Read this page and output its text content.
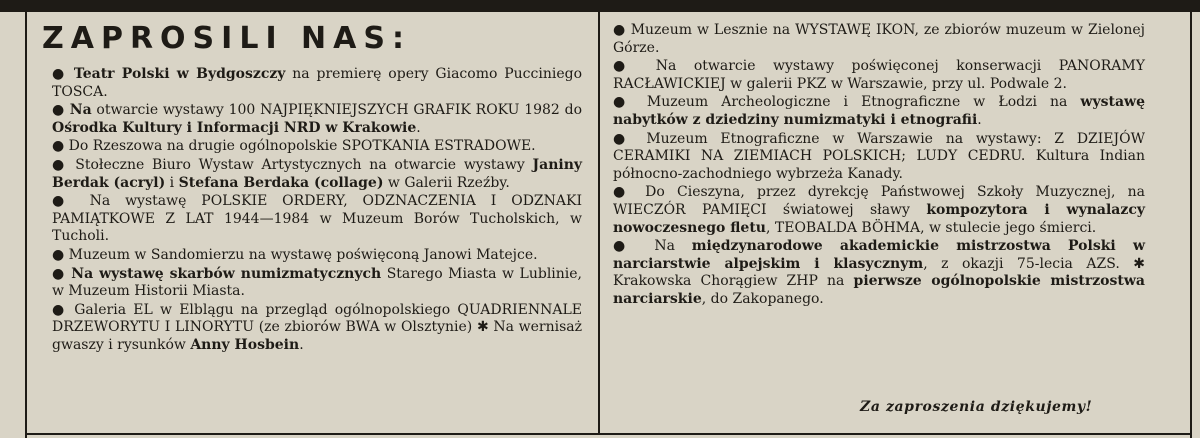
ZAPROSILI NAS:

● Teatr Polski w Bydgoszczy na premierę opery Giacomo Pucciniego TOSCA.

● Na otwarcie wystawy 100 NAJPIĘKNIEJSZYCH GRAFIK ROKU 1982 do Ośrodka Kultury i Informacji NRD w Krakowie.

● Do Rzeszowa na drugie ogólnopolskie SPOTKANIA ESTRADOWE.

● Stołeczne Biuro Wystaw Artystycznych na otwarcie wystawy Janiny Berdak (acryl) i Stefana Berdaka (collage) w Galerii Rzeźby.

● Na wystawę POLSKIE ORDERY, ODZNACZENIA I ODZNAKI PAMIĄTKOWE Z LAT 1944—1984 w Muzeum Borów Tucholskich, w Tucholi.

● Muzeum w Sandomierzu na wystawę poświęconą Janowi Matejce.

● Na wystawę skarbów numizmatycznych Starego Miasta w Lublinie, w Muzeum Historii Miasta.

● Galeria EL w Elblągu na przegląd ogólnopolskiego QUADRIENNALE DRZEWORYTU I LINORYTU (ze zbiorów BWA w Olsztynie) ✱ Na wernisaż gwaszy i rysunków Anny Hosbein.

● Muzeum w Lesznie na WYSTAWĘ IKON, ze zbiorów muzeum w Zielonej Górze.

● Na otwarcie wystawy poświęconej konserwacji PANORAMY RACŁAWICKIEJ w galerii PKZ w Warszawie, przy ul. Podwale 2.

● Muzeum Archeologiczne i Etnograficzne w Łodzi na wystawę nabytków z dziedziny numizmatyki i etnografii.

● Muzeum Etnograficzne w Warszawie na wystawy: Z DZIEJÓW CERAMIKI NA ZIEMIACH POLSKICH; LUDY CEDRU. Kultura Indian północno-zachodniego wybrzeża Kanady.

● Do Cieszyna, przez dyrekcję Państwowej Szkoły Muzycznej, na WIECZÓR PAMIĘCI światowej sławy kompozytora i wynalazcy nowoczesnego fletu, TEOBALDA BÖHMA, w stulecie jego śmierci.

● Na międzynarodowe akademickie mistrzostwa Polski w narciarstwie alpejskim i klasycznym, z okazji 75-lecia AZS. ✱ Krakowska Chorągiew ZHP na pierwsze ogólnopolskie mistrzostwa narciarskie, do Zakopanego.

Za zaproszenia dziękujemy!
